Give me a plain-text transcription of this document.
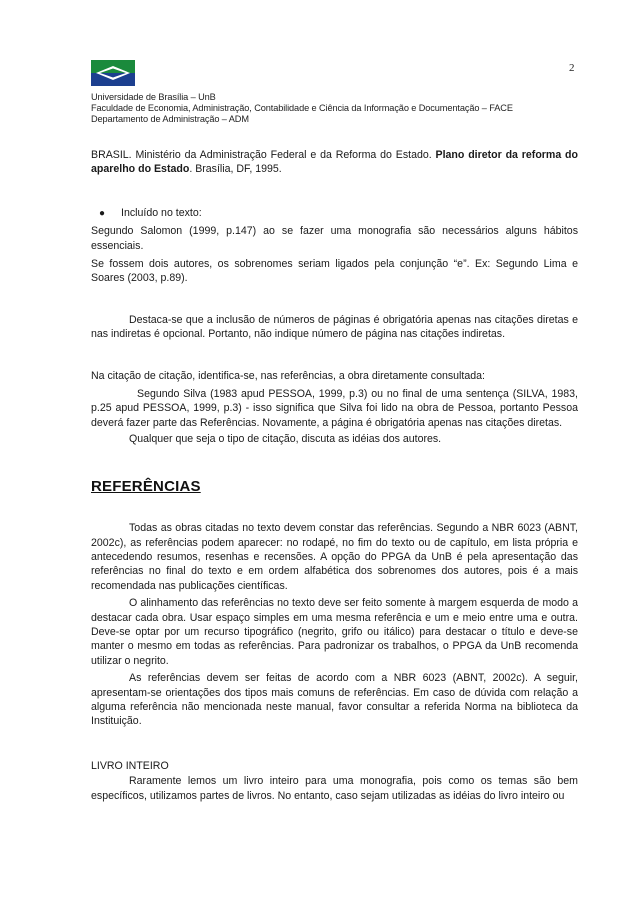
2
Universidade de Brasília – UnB
Faculdade de Economia, Administração, Contabilidade e Ciência da Informação e Documentação – FACE
Departamento de Administração – ADM

BRASIL. Ministério da Administração Federal e da Reforma do Estado. Plano diretor da reforma do aparelho do Estado. Brasília, DF, 1995.

●	Incluído no texto:

Segundo Salomon (1999, p.147) ao se fazer uma monografia são necessários alguns hábitos essenciais.

Se fossem dois autores, os sobrenomes seriam ligados pela conjunção “e”. Ex: Segundo Lima e Soares (2003, p.89).

Destaca-se que a inclusão de números de páginas é obrigatória apenas nas citações diretas e nas indiretas é opcional. Portanto, não indique número de página nas citações indiretas.

Na citação de citação, identifica-se, nas referências, a obra diretamente consultada:

Segundo Silva (1983 apud PESSOA, 1999, p.3) ou no final de uma sentença (SILVA, 1983, p.25 apud PESSOA, 1999, p.3) - isso significa que Silva foi lido na obra de Pessoa, portanto Pessoa deverá fazer parte das Referências. Novamente, a página é obrigatória apenas nas citações diretas.

Qualquer que seja o tipo de citação, discuta as idéias dos autores.

REFERÊNCIAS

Todas as obras citadas no texto devem constar das referências. Segundo a NBR 6023 (ABNT, 2002c), as referências podem aparecer: no rodapé, no fim do texto ou de capítulo, em lista própria e antecedendo resumos, resenhas e recensões. A opção do PPGA da UnB é pela apresentação das referências no final do texto e em ordem alfabética dos sobrenomes dos autores, pois é a mais recomendada nas publicações científicas.

O alinhamento das referências no texto deve ser feito somente à margem esquerda de modo a destacar cada obra. Usar espaço simples em uma mesma referência e um e meio entre uma e outra. Deve-se optar por um recurso tipográfico (negrito, grifo ou itálico) para destacar o título e deve-se manter o mesmo em todas as referências. Para padronizar os trabalhos, o PPGA da UnB recomenda utilizar o negrito.

As referências devem ser feitas de acordo com a NBR 6023 (ABNT, 2002c). A seguir, apresentam-se orientações dos tipos mais comuns de referências. Em caso de dúvida com relação a alguma referência não mencionada neste manual, favor consultar a referida Norma na biblioteca da Instituição.

LIVRO INTEIRO

Raramente lemos um livro inteiro para uma monografia, pois como os temas são bem específicos, utilizamos partes de livros. No entanto, caso sejam utilizadas as idéias do livro inteiro ou
